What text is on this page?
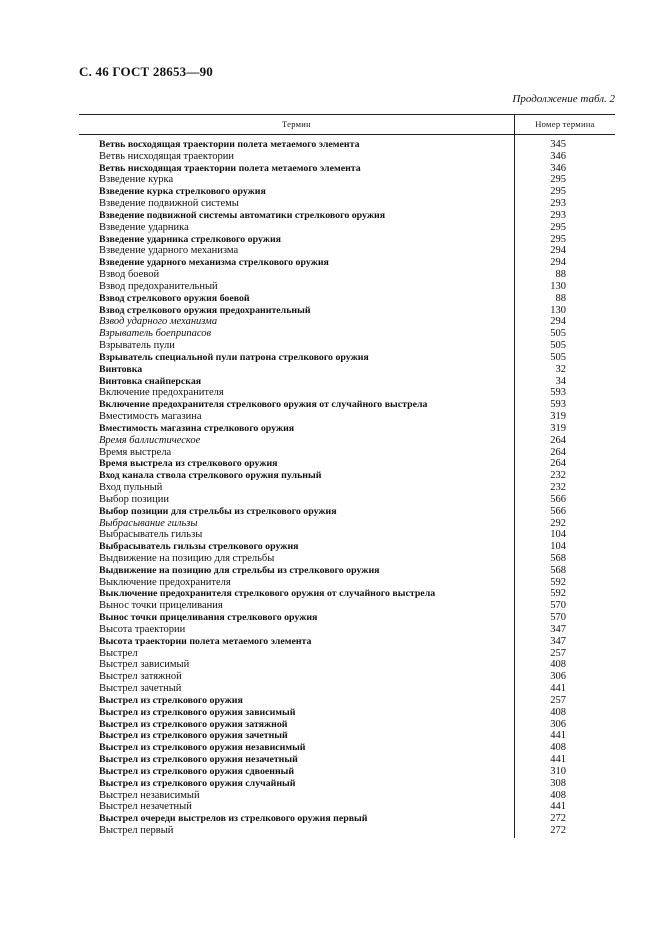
С. 46 ГОСТ 28653—90
Продолжение табл. 2
Термин	Номер термина
Ветвь восходящая траектории полета метаемого элемента	345
Ветвь нисходящая траектории	346
Ветвь нисходящая траектории полета метаемого элемента	346
Взведение курка	295
Взведение курка стрелкового оружия	295
Взведение подвижной системы	293
Взведение подвижной системы автоматики стрелкового оружия	293
Взведение ударника	295
Взведение ударника стрелкового оружия	295
Взведение ударного механизма	294
Взведение ударного механизма стрелкового оружия	294
Взвод боевой	88
Взвод предохранительный	130
Взвод стрелкового оружия боевой	88
Взвод стрелкового оружия предохранительный	130
Взвод ударного механизма	294
Взрыватель боеприпасов	505
Взрыватель пули	505
Взрыватель специальной пули патрона стрелкового оружия	505
Винтовка	32
Винтовка снайперская	34
Включение предохранителя	593
Включение предохранителя стрелкового оружия от случайного выстрела	593
Вместимость магазина	319
Вместимость магазина стрелкового оружия	319
Время баллистическое	264
Время выстрела	264
Время выстрела из стрелкового оружия	264
Вход канала ствола стрелкового оружия пульный	232
Вход пульный	232
Выбор позиции	566
Выбор позиции для стрельбы из стрелкового оружия	566
Выбрасывание гильзы	292
Выбрасыватель гильзы	104
Выбрасыватель гильзы стрелкового оружия	104
Выдвижение на позицию для стрельбы	568
Выдвижение на позицию для стрельбы из стрелкового оружия	568
Выключение предохранителя	592
Выключение предохранителя стрелкового оружия от случайного выстрела	592
Вынос точки прицеливания	570
Вынос точки прицеливания стрелкового оружия	570
Высота траектории	347
Высота траектории полета метаемого элемента	347
Выстрел	257
Выстрел зависимый	408
Выстрел затяжной	306
Выстрел зачетный	441
Выстрел из стрелкового оружия	257
Выстрел из стрелкового оружия зависимый	408
Выстрел из стрелкового оружия затяжной	306
Выстрел из стрелкового оружия зачетный	441
Выстрел из стрелкового оружия независимый	408
Выстрел из стрелкового оружия незачетный	441
Выстрел из стрелкового оружия сдвоенный	310
Выстрел из стрелкового оружия случайный	308
Выстрел независимый	408
Выстрел незачетный	441
Выстрел очереди выстрелов из стрелкового оружия первый	272
Выстрел первый	272
